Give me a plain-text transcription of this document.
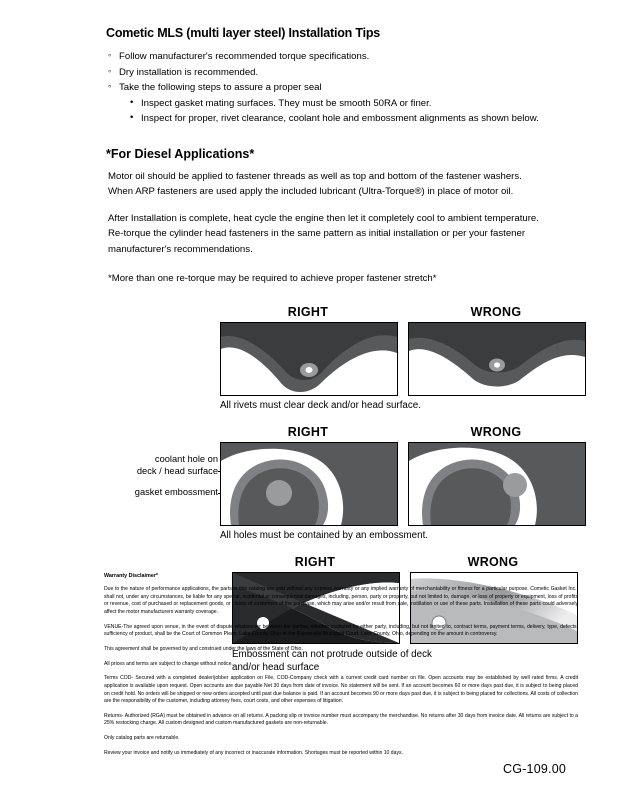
Cometic MLS (multi layer steel) Installation Tips
◦ Follow manufacturer's recommended torque specifications.
◦ Dry installation is recommended.
◦ Take the following steps to assure a proper seal
• Inspect gasket mating surfaces. They must be smooth 50RA or finer.
• Inspect for proper, rivet clearance, coolant hole and embossment alignments as shown below.
*For Diesel Applications*

Motor oil should be applied to fastener threads as well as top and bottom of the fastener washers. When ARP fasteners are used apply the included lubricant (Ultra-Torque®) in place of motor oil.

After Installation is complete, heat cycle the engine then let it completely cool to ambient temperature. Re-torque the cylinder head fasteners in the same pattern as initial installation or per your fastener manufacturer's recommendations.

*More than one re-torque may be required to achieve proper fastener stretch*

RIGHT	WRONG
All rivets must clear deck and/or head surface.
coolant hole on
deck / head surface
gasket embossment
RIGHT	WRONG
All holes must be contained by an embossment.
RIGHT	WRONG
Embossment can not protrude outside of deck
and/or head surface
Warranty Disclaimer*

Due to the nature of performance applications, the parts in this catalog are sold without any express warranty or any implied warranty of merchantability or fitness for a particular purpose. Cometic Gasket Inc., shall not, under any circumstances, be liable for any special, incidental or consequential damages, including, person, party or property, but not limited to, damage, or loss of property or equipment, loss of profits or revenue, cost of purchased or replacement goods, or claims of customers of the purchase, which may arise and/or result from sale, instillation or use of these parts. Installation of these parts could adversely affect the motor manufacturers warranty coverage.

VENUE-The agreed upon venue, in the event of dispute whatsoever between the parties, whether instituted by either party, including, but not limited to, contract terms, payment terms, delivery, type, defects, sufficiency of product, shall be the Court of Common Pleas, Lake County, Ohio or the Painesville Municipal Court, Lake County, Ohio, depending on the amount in controversy.

This agreement shall be governed by and construed under the laws of the State of Ohio.

All prices and terms are subject to change without notice.

Terms COD- Secured with a completed dealer/jobber application on File, COD-Company check with a current credit card number on file. Open accounts may be established by well rated firms. A credit application is available upon request. Open accounts are due payable Net 30 days from date of invoice. No statement will be sent. If an account becomes 60 or more days past due, it is subject to being placed on credit hold. No orders will be shipped or new orders accepted until past due balance is paid. If an account becomes 90 or more days past due, it is subject to being placed for collections. All costs of collection are the responsibility of the customer, including attorney fees, court costs, and other expenses of litigation.

Returns- Authorized (RGA) must be obtained in advance on all returns. A packing slip or invoice number must accompany the merchandise. No returns after 30 days from invoice date. All returns are subject to a 25% restocking charge. All custom designed and custom manufactured gaskets are non-returnable.

Only catalog parts are returnable.

Review your invoice and notify us immediately of any incorrect or inaccurate information. Shortages must be reported within 10 days.

CG-109.00
